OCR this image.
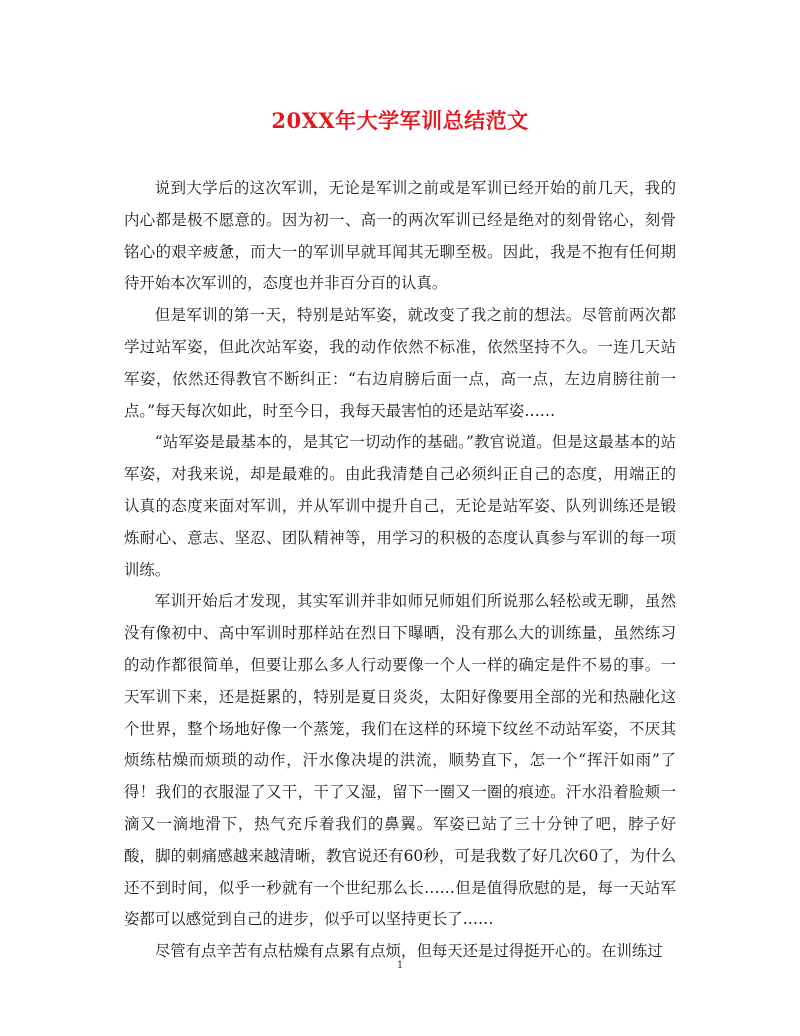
20XX年大学军训总结范文

说到大学后的这次军训，无论是军训之前或是军训已经开始的前几天，我的内心都是极不愿意的。因为初一、高一的两次军训已经是绝对的刻骨铭心，刻骨铭心的艰辛疲惫，而大一的军训早就耳闻其无聊至极。因此，我是不抱有任何期待开始本次军训的，态度也并非百分百的认真。

但是军训的第一天，特别是站军姿，就改变了我之前的想法。尽管前两次都学过站军姿，但此次站军姿，我的动作依然不标准，依然坚持不久。一连几天站军姿，依然还得教官不断纠正：“右边肩膀后面一点，高一点，左边肩膀往前一点。”每天每次如此，时至今日，我每天最害怕的还是站军姿……

“站军姿是最基本的，是其它一切动作的基础。”教官说道。但是这最基本的站军姿，对我来说，却是最难的。由此我清楚自己必须纠正自己的态度，用端正的认真的态度来面对军训，并从军训中提升自己，无论是站军姿、队列训练还是锻炼耐心、意志、坚忍、团队精神等，用学习的积极的态度认真参与军训的每一项训练。

军训开始后才发现，其实军训并非如师兄师姐们所说那么轻松或无聊，虽然没有像初中、高中军训时那样站在烈日下曝晒，没有那么大的训练量，虽然练习的动作都很简单，但要让那么多人行动要像一个人一样的确定是件不易的事。一天军训下来，还是挺累的，特别是夏日炎炎，太阳好像要用全部的光和热融化这个世界，整个场地好像一个蒸笼，我们在这样的环境下纹丝不动站军姿，不厌其烦练枯燥而烦琐的动作，汗水像决堤的洪流，顺势直下，怎一个“挥汗如雨”了得！我们的衣服湿了又干，干了又湿，留下一圈又一圈的痕迹。汗水沿着脸颊一滴又一滴地滑下，热气充斥着我们的鼻翼。军姿已站了三十分钟了吧，脖子好酸，脚的刺痛感越来越清晰，教官说还有60秒，可是我数了好几次60了，为什么还不到时间，似乎一秒就有一个世纪那么长……但是值得欣慰的是，每一天站军姿都可以感觉到自己的进步，似乎可以坚持更长了……

尽管有点辛苦有点枯燥有点累有点烦，但每天还是过得挺开心的。在训练过

1
